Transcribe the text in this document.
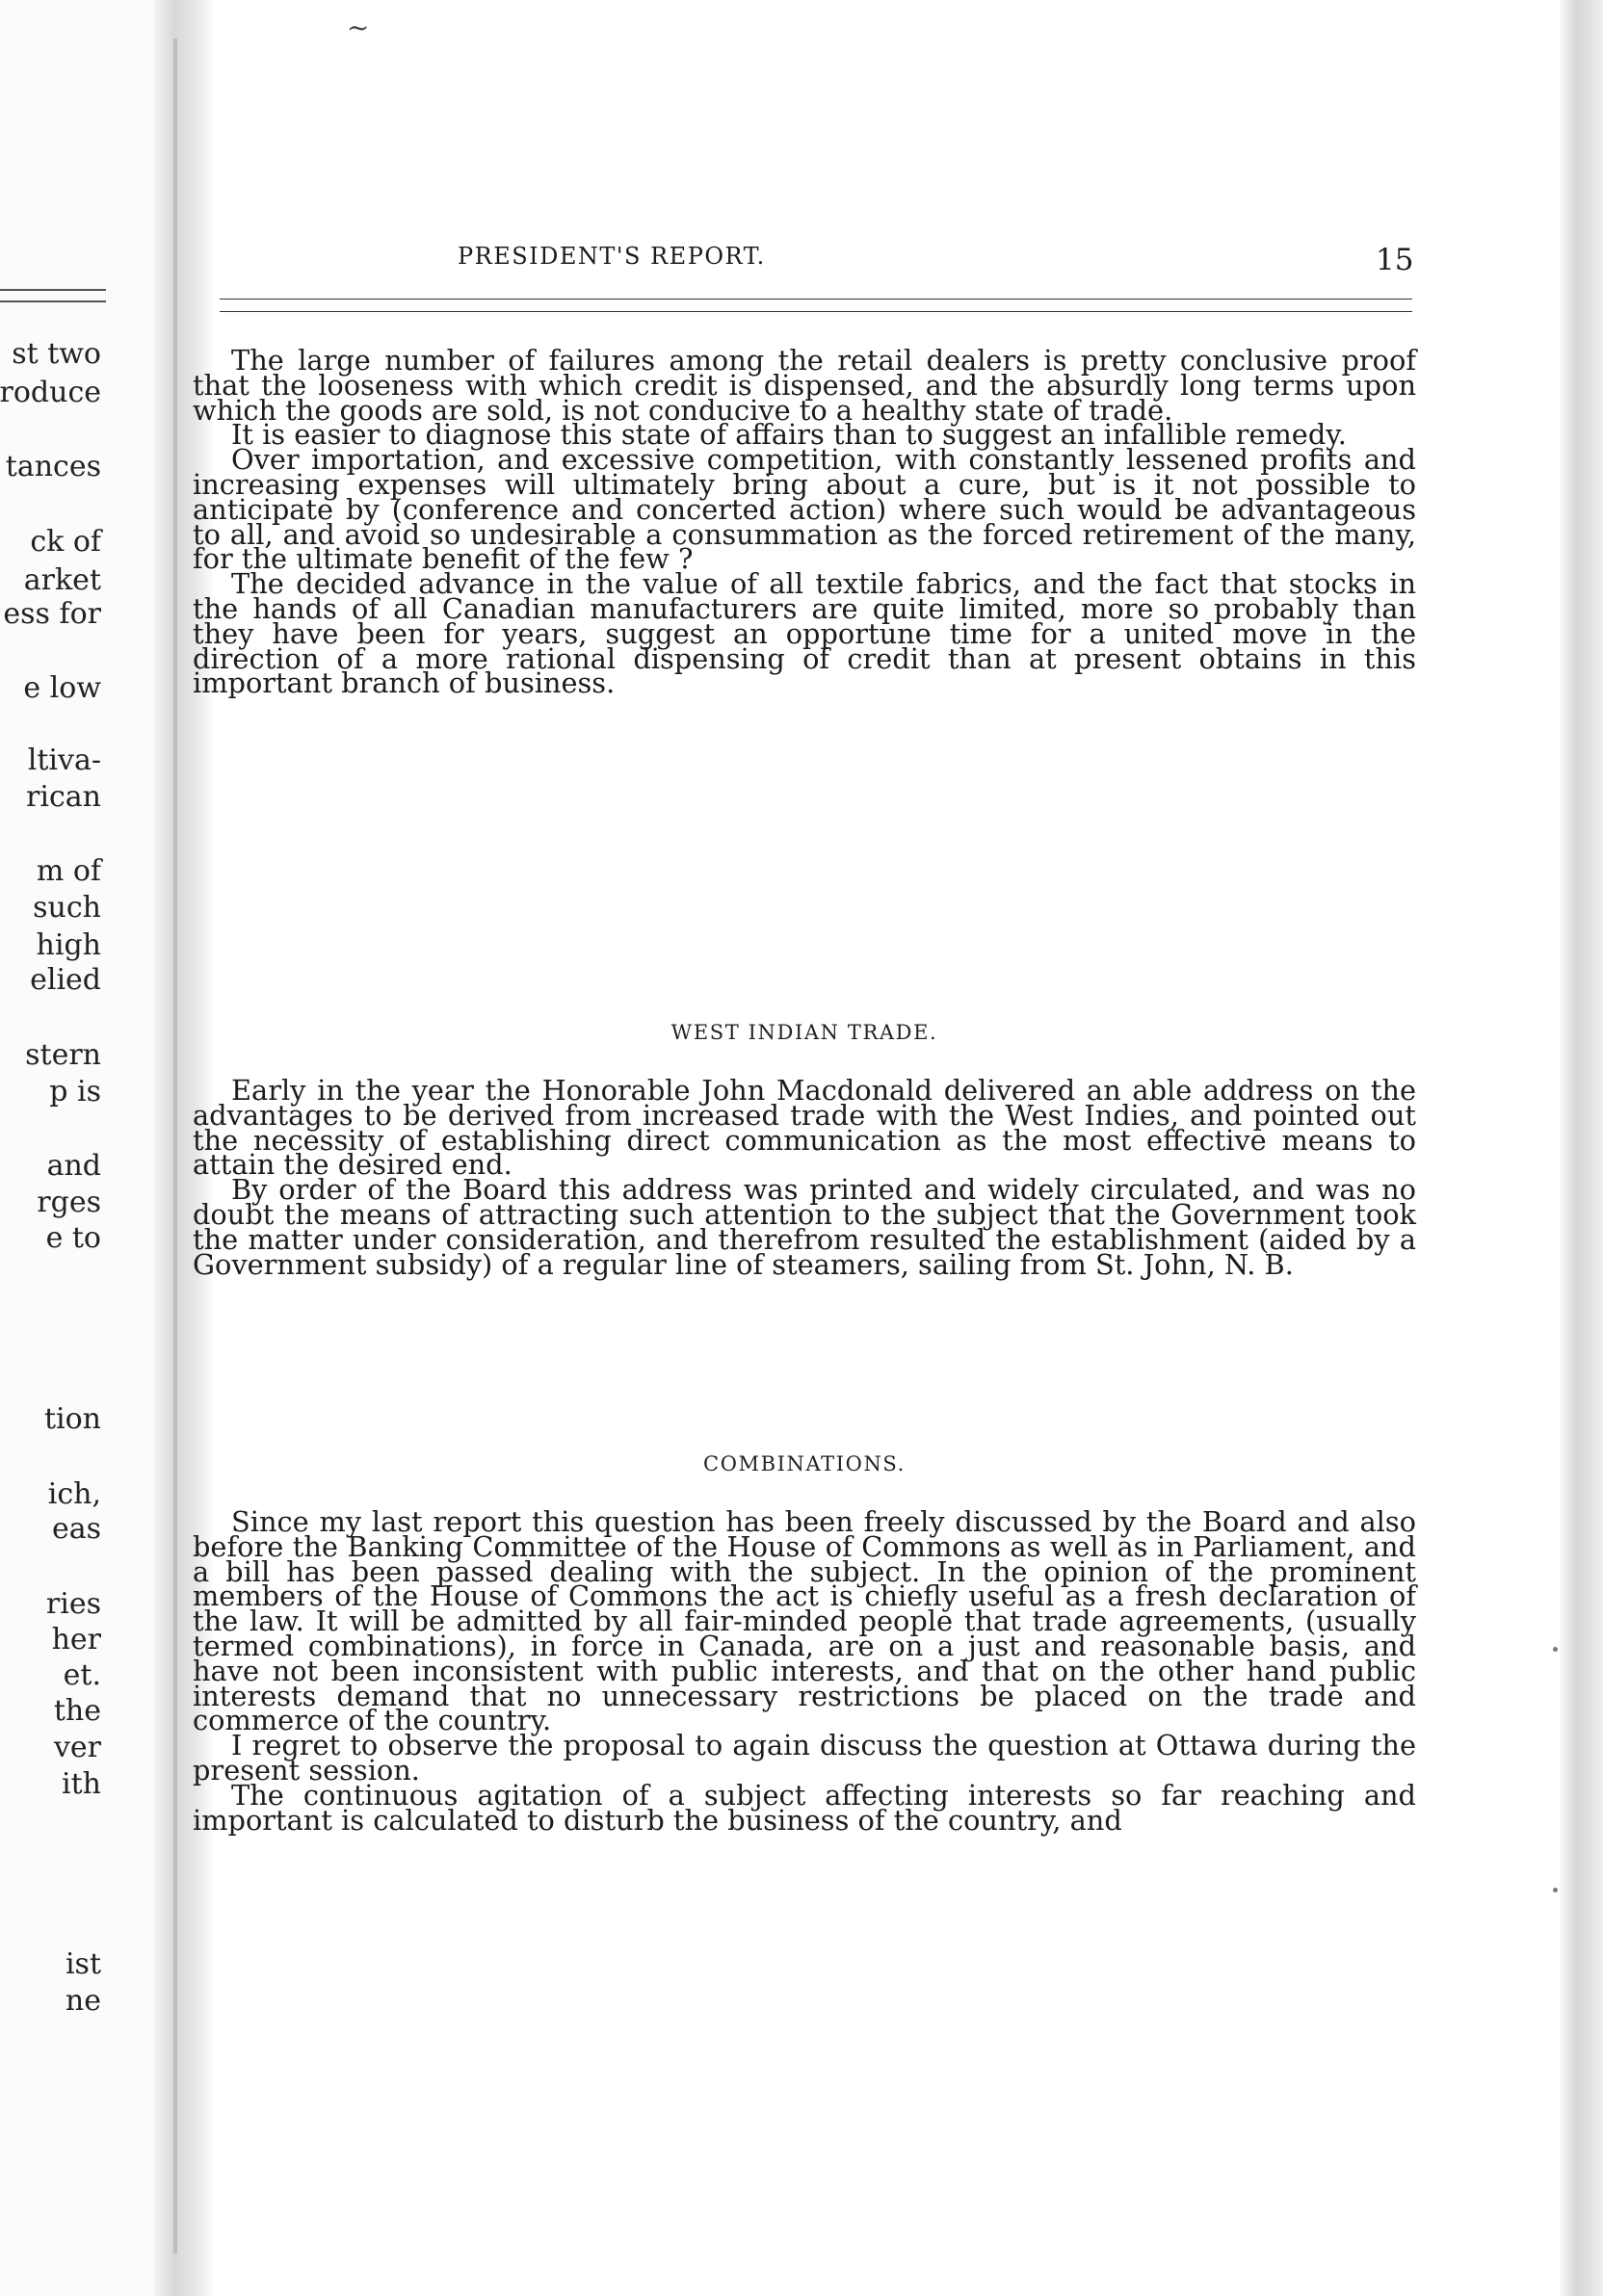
st two
roduce
tances
ck of
arket
ess for
e low
ltiva-
rican
m of
such
high
elied
stern
p is
and
rges
e to
tion
ich,
eas
ries
her
et.
the
ver
ith
ist
ne
~
PRESIDENT'S REPORT.	15

The large number of failures among the retail dealers is pretty conclusive proof that the looseness with which credit is dispensed, and the absurdly long terms upon which the goods are sold, is not conducive to a healthy state of trade.

It is easier to diagnose this state of affairs than to suggest an infallible remedy.

Over importation, and excessive competition, with constantly lessened profits and increasing expenses will ultimately bring about a cure, but is it not possible to anticipate by (conference and concerted action) where such would be advantageous to all, and avoid so undesirable a consummation as the forced retirement of the many, for the ultimate benefit of the few ?

The decided advance in the value of all textile fabrics, and the fact that stocks in the hands of all Canadian manufacturers are quite limited, more so probably than they have been for years, suggest an opportune time for a united move in the direction of a more rational dispensing of credit than at present obtains in this important branch of business.

WEST INDIAN TRADE.

Early in the year the Honorable John Macdonald delivered an able address on the advantages to be derived from increased trade with the West Indies, and pointed out the necessity of establishing direct communication as the most effective means to attain the desired end.

By order of the Board this address was printed and widely circulated, and was no doubt the means of attracting such attention to the subject that the Government took the matter under consideration, and therefrom resulted the establishment (aided by a Government subsidy) of a regular line of steamers, sailing from St. John, N. B.

COMBINATIONS.

Since my last report this question has been freely discussed by the Board and also before the Banking Committee of the House of Commons as well as in Parliament, and a bill has been passed dealing with the subject. In the opinion of the prominent members of the House of Commons the act is chiefly useful as a fresh declaration of the law. It will be admitted by all fair-minded people that trade agreements, (usually termed combinations), in force in Canada, are on a just and reasonable basis, and have not been inconsistent with public interests, and that on the other hand public interests demand that no unnecessary restrictions be placed on the trade and commerce of the country.

I regret to observe the proposal to again discuss the question at Ottawa during the present session.

The continuous agitation of a subject affecting interests so far reaching and important is calculated to disturb the business of the country, and
